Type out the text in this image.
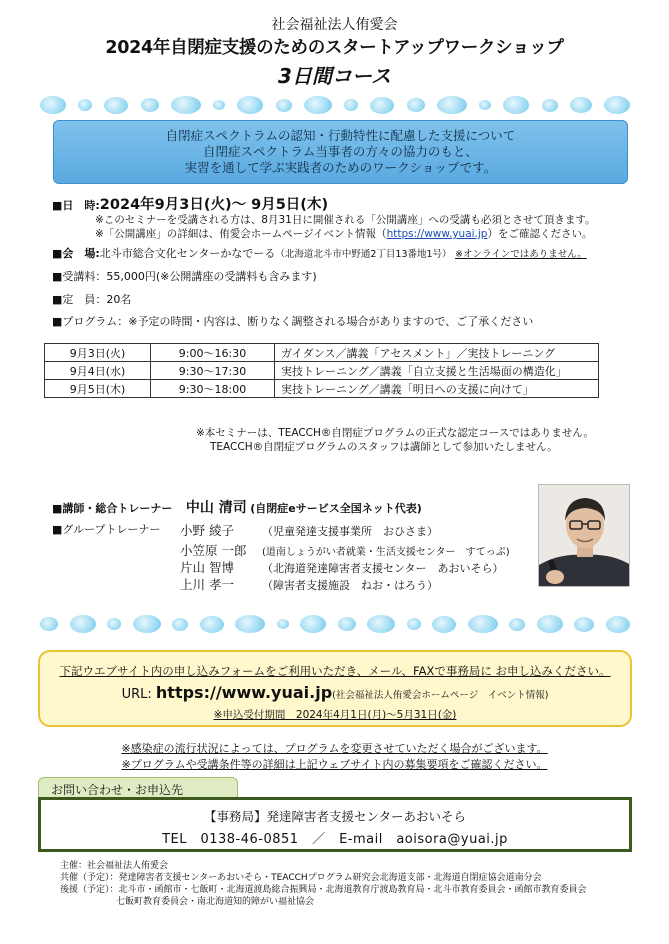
社会福祉法人侑愛会
2024年自閉症支援のためのスタートアップワークショップ
3日間コース
自閉症スペクトラムの認知・行動特性に配慮した支援について
自閉症スペクトラム当事者の方々の協力のもと、
実習を通して学ぶ実践者のためのワークショップです。
■日　時:2024年9月3日(火)～ 9月5日(木)
※このセミナーを受講される方は、8月31日に開催される「公開講座」への受講も必須とさせて頂きます。
※「公開講座」の詳細は、侑愛会ホームページイベント情報（https://www.yuai.jp）をご確認ください。
■会　場:北斗市総合文化センターかなでーる（北海道北斗市中野通2丁目13番地1号） ※オンラインではありません。
■受講料：55,000円(※公開講座の受講料も含みます)
■定　員：20名
■プログラム：※予定の時間・内容は、断りなく調整される場合がありますので、ご了承ください
9月3日(火)	9:00～16:30	ガイダンス／講義「アセスメント」／実技トレーニング
9月4日(水)	9:30～17:30	実技トレーニング／講義「自立支援と生活場面の構造化」
9月5日(木)	9:30～18:00	実技トレーニング／講義「明日への支援に向けて」
※本セミナーは、TEACCH®自閉症プログラムの正式な認定コースではありません。
TEACCH®自閉症プログラムのスタッフは講師として参加いたしません。
■講師・総合トレーナー 中山 清司 (自閉症eサービス全国ネット代表)
■グループトレーナー 小野 綾子	（児童発達支援事業所　おひさま）
小笠原 一郎 (道南しょうがい者就業・生活支援センター　すてっぷ)
片山 智博	（北海道発達障害者支援センター　あおいそら）
上川 孝一	（障害者支援施設　ねお・はろう）
下記ウエブサイト内の申し込みフォームをご利用いただき、メール、FAXで事務局に お申し込みください。
URL: https://www.yuai.jp(社会福祉法人侑愛会ホームページ　イベント情報)
※申込受付期間　2024年4月1日(月)～5月31日(金)
※感染症の流行状況によっては、プログラムを変更させていただく場合がございます。
※プログラムや受講条件等の詳細は上記ウェブサイト内の募集要項をご確認ください。
お問い合わせ・お申込先
【事務局】発達障害者支援センターあおいそら
TEL　0138-46-0851　／　E-mail　aoisora@yuai.jp
主催：社会福祉法人侑愛会
共催（予定）：発達障害者支援センターあおいそら・TEACCHプログラム研究会北海道支部・北海道自閉症協会道南分会
後援（予定）：北斗市・函館市・七飯町・北海道渡島総合振興局・北海道教育庁渡島教育局・北斗市教育委員会・函館市教育委員会
七飯町教育委員会・南北海道知的障がい福祉協会
